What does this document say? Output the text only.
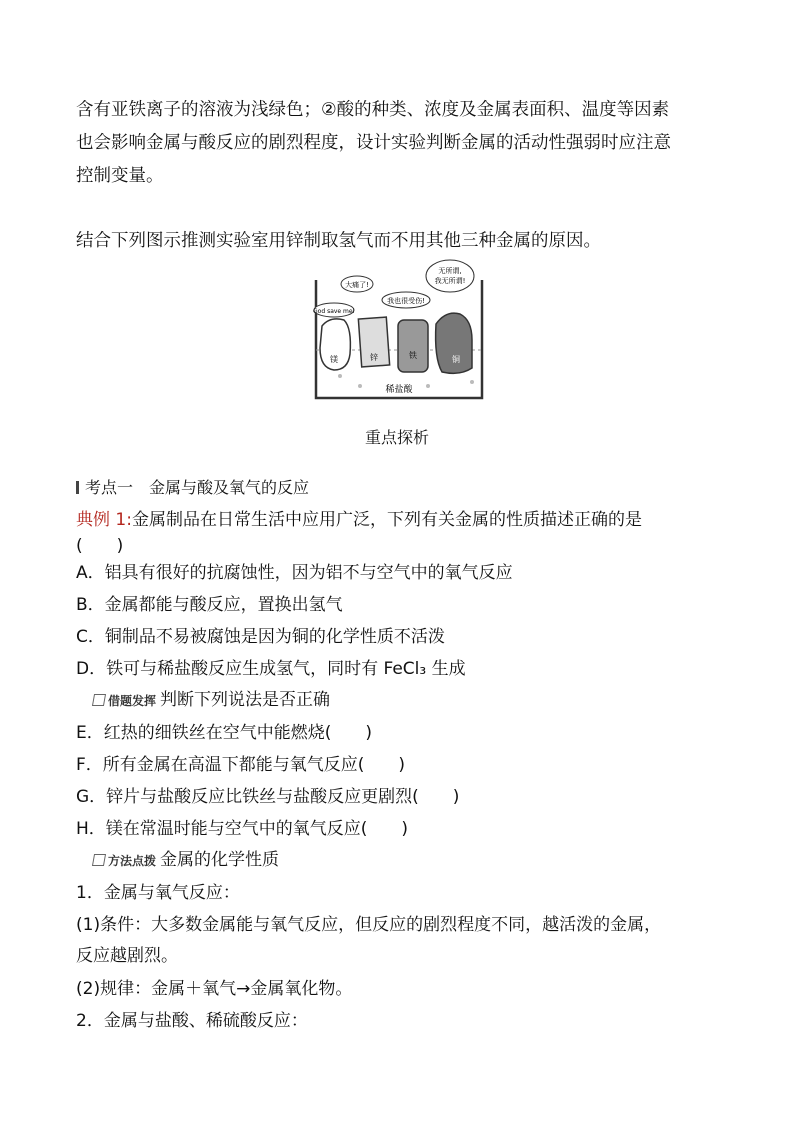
含有亚铁离子的溶液为浅绿色；②酸的种类、浓度及金属表面积、温度等因素
也会影响金属与酸反应的剧烈程度，设计实验判断金属的活动性强弱时应注意
控制变量。
结合下列图示推测实验室用锌制取氢气而不用其他三种金属的原因。
God save me!
大痛了!
我也很受伤!
无所谓,
我无所谓!
镁	锌	铁	铜
稀盐酸
重点探析
考点一　金属与酸及氧气的反应
典例 1:金属制品在日常生活中应用广泛，下列有关金属的性质描述正确的是
(　　)
A．铝具有很好的抗腐蚀性，因为铝不与空气中的氧气反应
B．金属都能与酸反应，置换出氢气
C．铜制品不易被腐蚀是因为铜的化学性质不活泼
D．铁可与稀盐酸反应生成氢气，同时有 FeCl₃ 生成
借题发挥 判断下列说法是否正确
E．红热的细铁丝在空气中能燃烧(　　)
F．所有金属在高温下都能与氧气反应(　　)
G．锌片与盐酸反应比铁丝与盐酸反应更剧烈(　　)
H．镁在常温时能与空气中的氧气反应(　　)
方法点拨 金属的化学性质
1．金属与氧气反应：
(1)条件：大多数金属能与氧气反应，但反应的剧烈程度不同，越活泼的金属，
反应越剧烈。
(2)规律：金属＋氧气→金属氧化物。
2．金属与盐酸、稀硫酸反应：
